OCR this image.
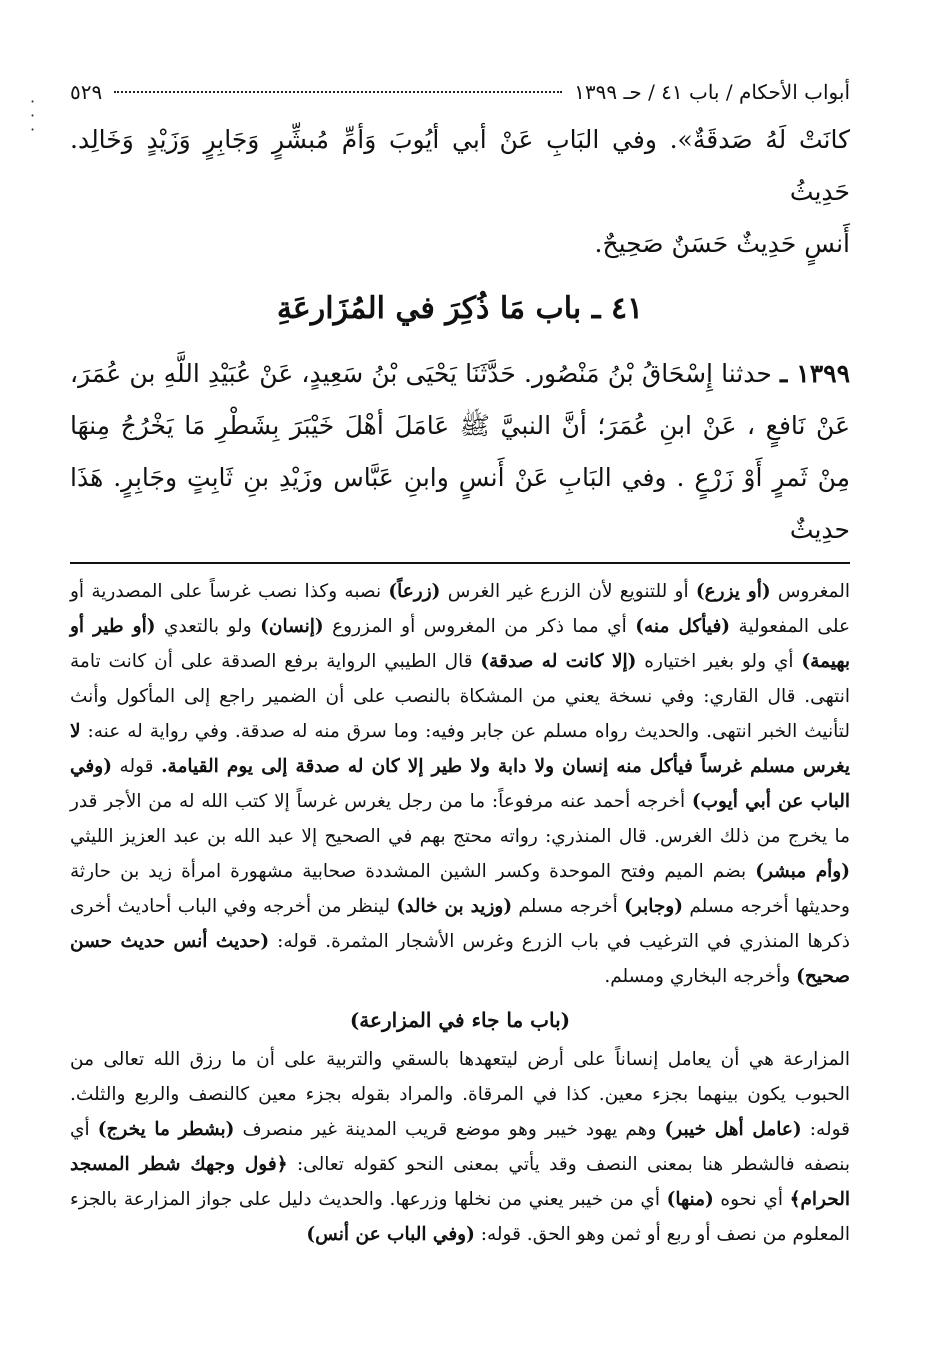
·
·
·
أبواب الأحكام / باب ٤١ / حـ ١٣٩٩
٥٢٩

كانَتْ لَهُ صَدقَةٌ». وفي البَابِ عَنْ أبي أيُوبَ وَأمِّ مُبشِّرٍ وَجَابِرٍ وَزَيْدٍ وَخَالِد. حَدِيثُ

أَنسٍ حَدِيثٌ حَسَنٌ صَحِيحٌ.

٤١ ـ باب مَا ذُكِرَ في المُزَارعَةِ

١٣٩٩ ـ حدثنا إِسْحَاقُ بْنُ مَنْصُور. حَدَّثَنَا يَحْيَى بْنُ سَعِيدٍ، عَنْ عُبَيْدِ اللَّهِ بن عُمَرَ، عَنْ نَافعٍ ، عَنْ ابنِ عُمَرَ؛ أنَّ النبيَّ ﷺ عَامَلَ أهْلَ خَيْبَرَ بِشَطْرِ مَا يَخْرُجُ مِنهَا مِنْ ثَمرٍ أَوْ زَرْعٍ . وفي البَابِ عَنْ أَنسٍ وابنِ عَبَّاس وزَيْدِ بنِ ثَابِتٍ وجَابِرٍ. هَذَا حدِيثٌ

المغروس (أو يزرع) أو للتنويع لأن الزرع غير الغرس (زرعاً) نصبه وكذا نصب غرساً على المصدرية أو على المفعولية (فيأكل منه) أي مما ذكر من المغروس أو المزروع (إنسان) ولو بالتعدي (أو طير أو بهيمة) أي ولو بغير اختياره (إلا كانت له صدقة) قال الطيبي الرواية برفع الصدقة على أن كانت تامة انتهى. قال القاري: وفي نسخة يعني من المشكاة بالنصب على أن الضمير راجع إلى المأكول وأنث لتأنيث الخبر انتهى. والحديث رواه مسلم عن جابر وفيه: وما سرق منه له صدقة. وفي رواية له عنه: لا يغرس مسلم غرساً فيأكل منه إنسان ولا دابة ولا طير إلا كان له صدقة إلى يوم القيامة. قوله (وفي الباب عن أبي أيوب) أخرجه أحمد عنه مرفوعاً: ما من رجل يغرس غرساً إلا كتب الله له من الأجر قدر ما يخرج من ذلك الغرس. قال المنذري: رواته محتج بهم في الصحيح إلا عبد الله بن عبد العزيز الليثي (وأم مبشر) بضم الميم وفتح الموحدة وكسر الشين المشددة صحابية مشهورة امرأة زيد بن حارثة وحديثها أخرجه مسلم (وجابر) أخرجه مسلم (وزيد بن خالد) لينظر من أخرجه وفي الباب أحاديث أخرى ذكرها المنذري في الترغيب في باب الزرع وغرس الأشجار المثمرة. قوله: (حديث أنس حديث حسن صحيح) وأخرجه البخاري ومسلم.

(باب ما جاء في المزارعة)

المزارعة هي أن يعامل إنساناً على أرض ليتعهدها بالسقي والتربية على أن ما رزق الله تعالى من الحبوب يكون بينهما بجزء معين. كذا في المرقاة. والمراد بقوله بجزء معين كالنصف والربع والثلث. قوله: (عامل أهل خيبر) وهم يهود خيبر وهو موضع قريب المدينة غير منصرف (بشطر ما يخرج) أي بنصفه فالشطر هنا بمعنى النصف وقد يأتي بمعنى النحو كقوله تعالى: ﴿فول وجهك شطر المسجد الحرام﴾ أي نحوه (منها) أي من خيبر يعني من نخلها وزرعها. والحديث دليل على جواز المزارعة بالجزء المعلوم من نصف أو ربع أو ثمن وهو الحق. قوله: (وفي الباب عن أنس)
